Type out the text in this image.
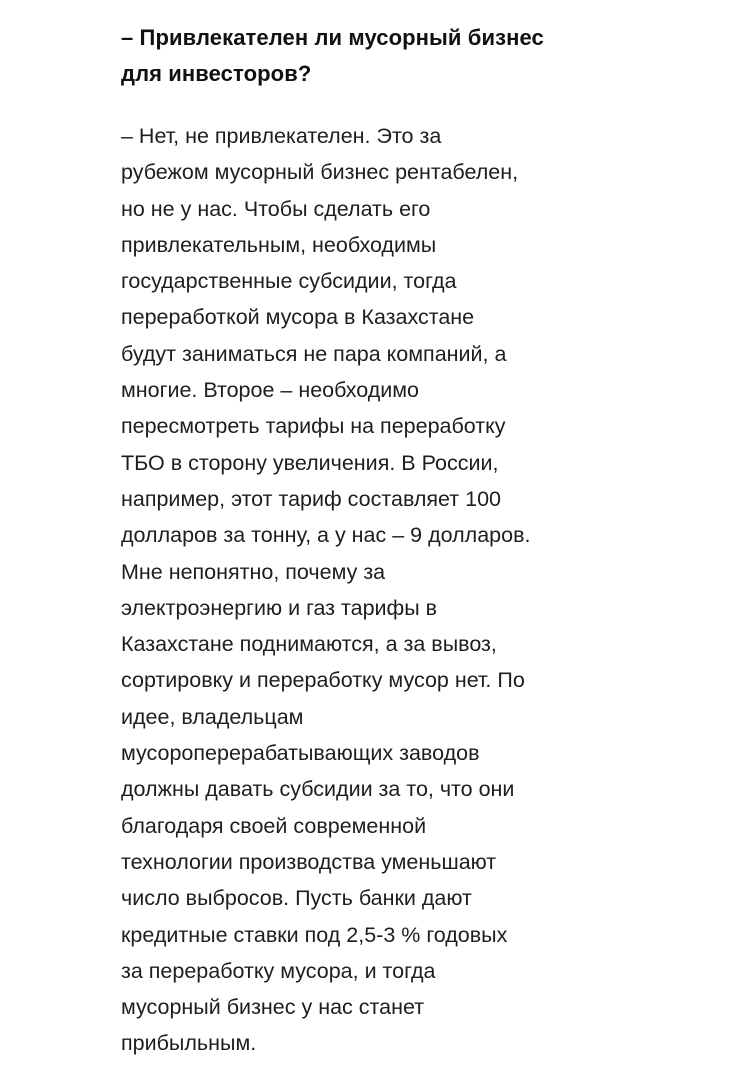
– Привлекателен ли мусорный бизнес
для инвесторов?

– Нет, не привлекателен. Это за
рубежом мусорный бизнес рентабелен,
но не у нас. Чтобы сделать его
привлекательным, необходимы
государственные субсидии, тогда
переработкой мусора в Казахстане
будут заниматься не пара компаний, а
многие. Второе – необходимо
пересмотреть тарифы на переработку
ТБО в сторону увеличения. В России,
например, этот тариф составляет 100
долларов за тонну, а у нас – 9 долларов.
Мне непонятно, почему за
электроэнергию и газ тарифы в
Казахстане поднимаются, а за вывоз,
сортировку и переработку мусор нет. По
идее, владельцам
мусороперерабатывающих заводов
должны давать субсидии за то, что они
благодаря своей современной
технологии производства уменьшают
число выбросов. Пусть банки дают
кредитные ставки под 2,5-3 % годовых
за переработку мусора, и тогда
мусорный бизнес у нас станет
прибыльным.
